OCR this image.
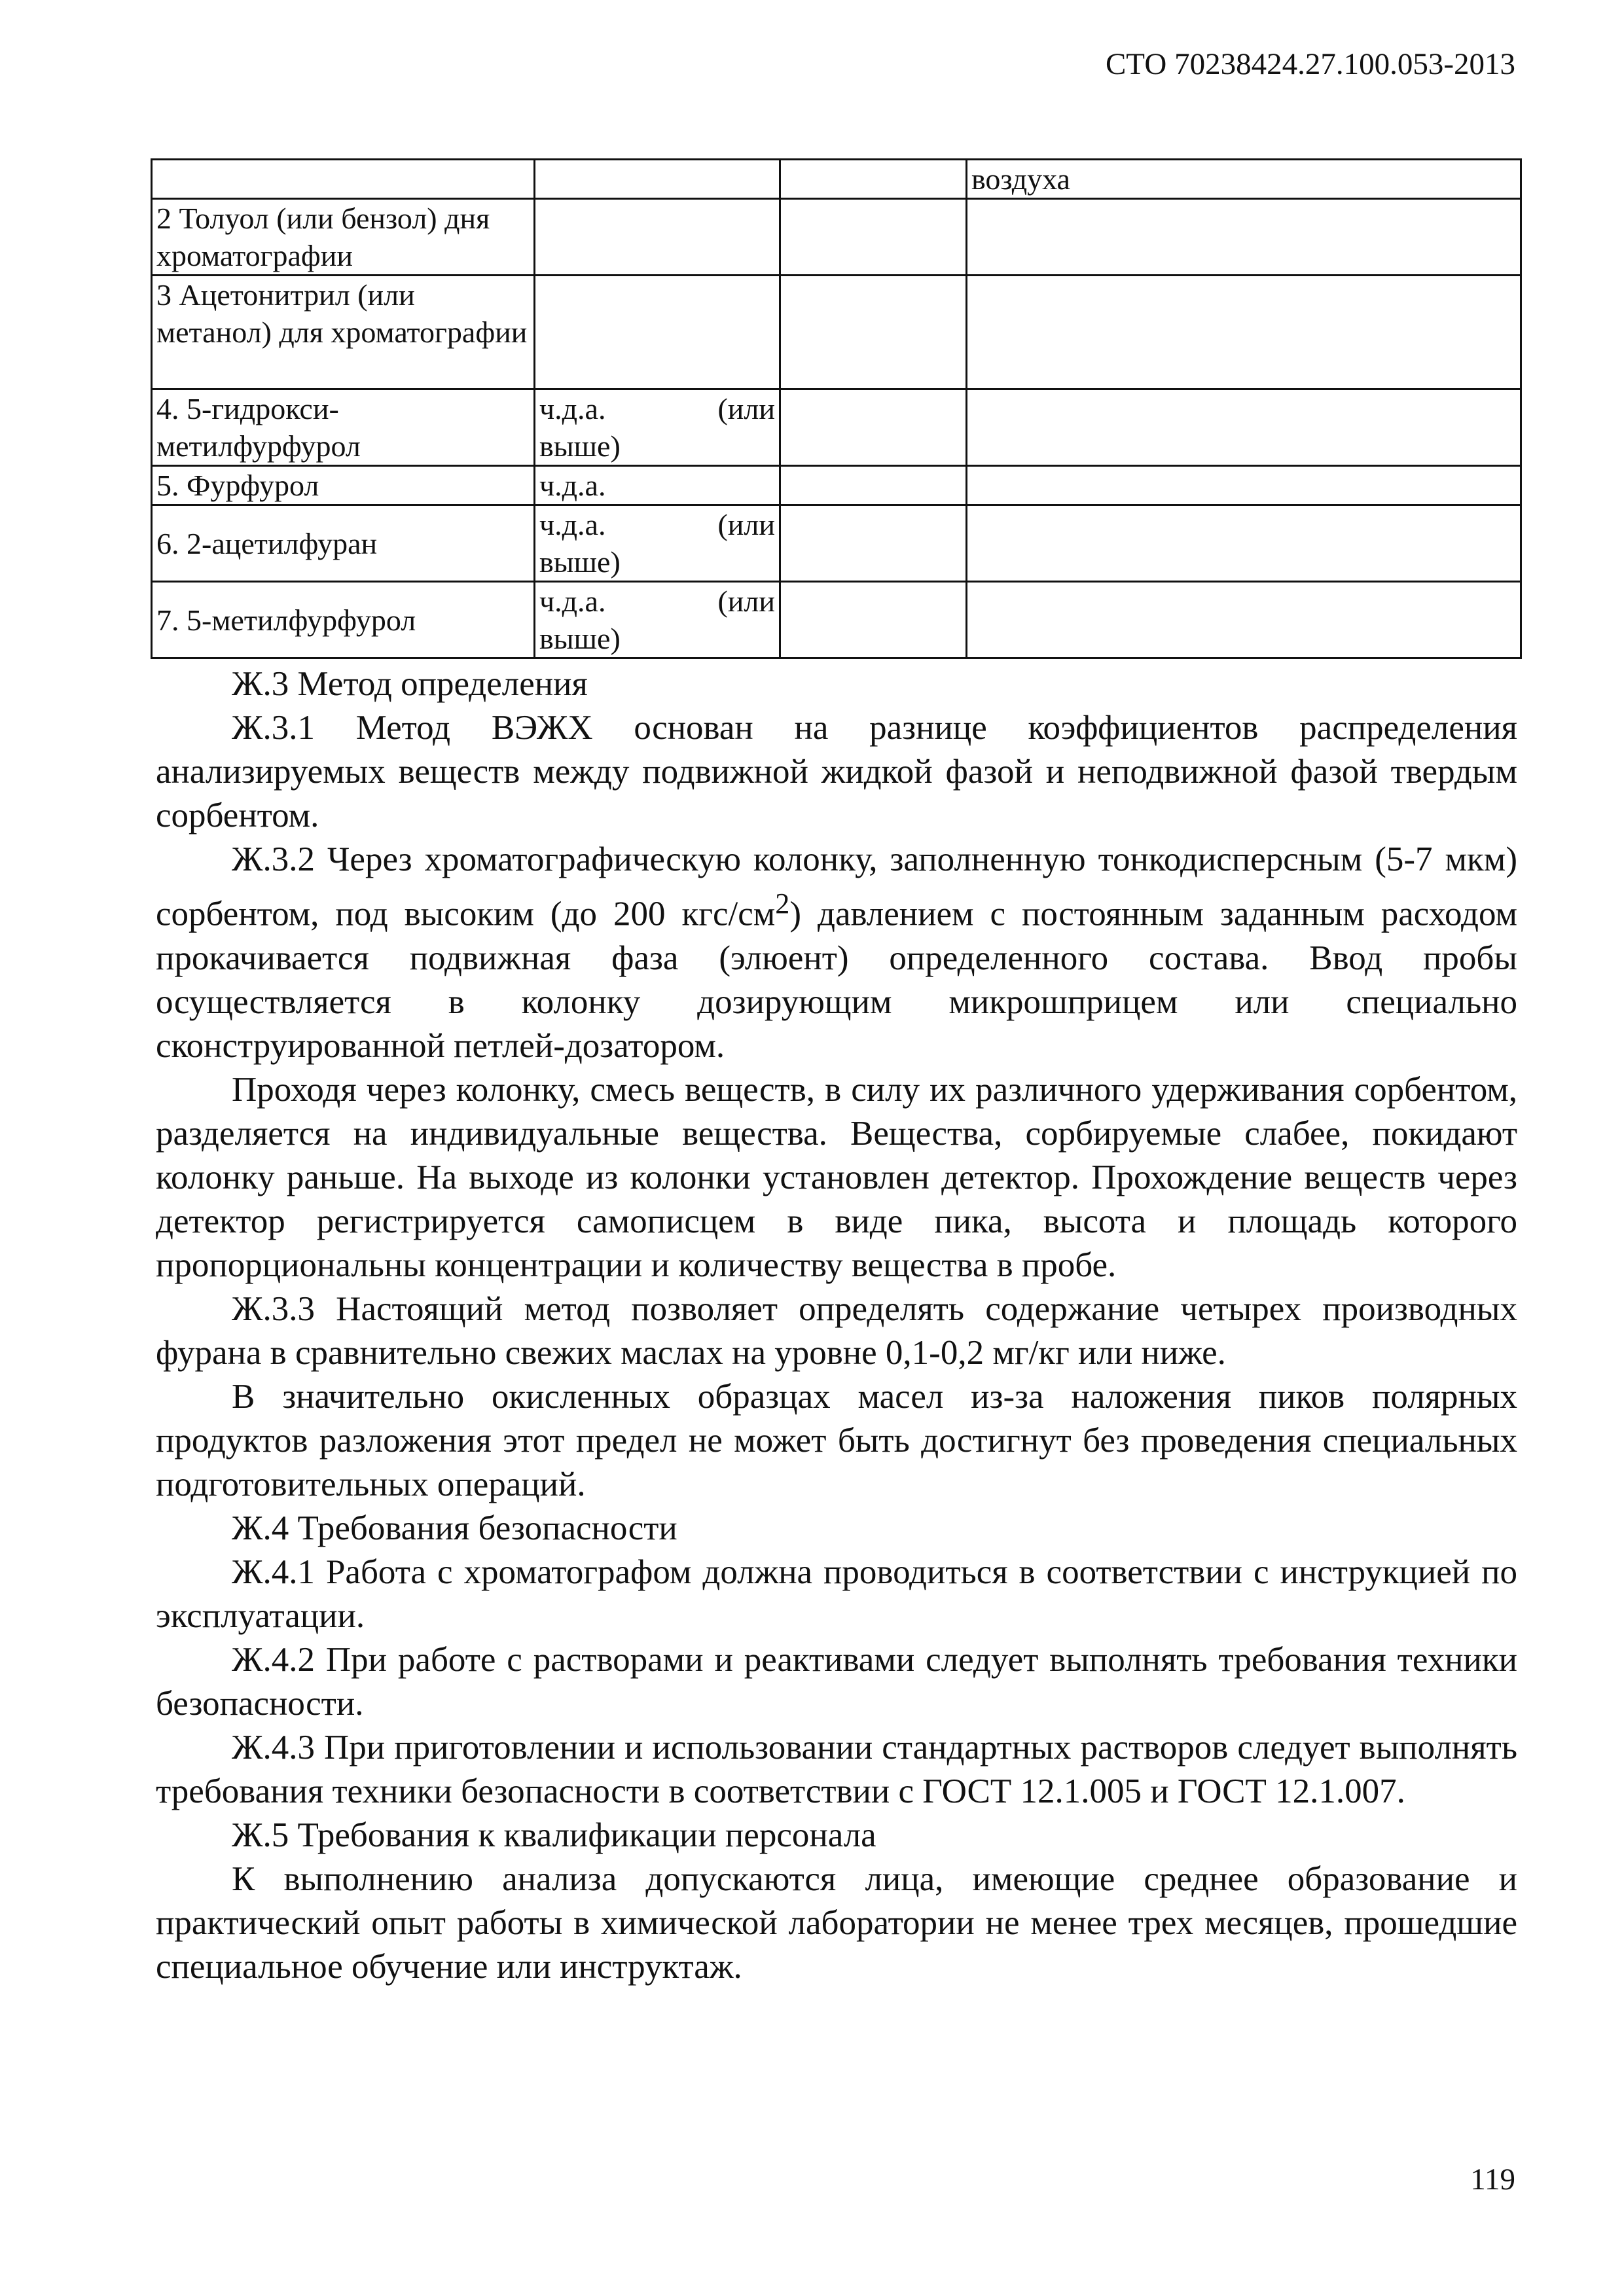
СТО 70238424.27.100.053-2013
			воздуха
2 Толуол (или бензол) дня хроматографии			
3 Ацетонитрил (или метанол) для хроматографии			
4. 5-гидрокси-метилфурфурол	ч.д.а. (или
выше)		

5. Фурфурол	ч.д.а.		
6. 2-ацетилфуран	ч.д.а. (или
выше)		

7. 5-метилфурфурол	ч.д.а. (или
выше)		

Ж.3 Метод определения

Ж.3.1 Метод ВЭЖХ основан на разнице коэффициентов распределения анализируемых веществ между подвижной жидкой фазой и неподвижной фазой твердым сорбентом.

Ж.3.2 Через хроматографическую колонку, заполненную тонкодисперсным (5-7 мкм) сорбентом, под высоким (до 200 кгс/$см^2$) давлением с постоянным заданным расходом прокачивается подвижная фаза (элюент) определенного состава. Ввод пробы осуществляется в колонку дозирующим микрошприцем или специально сконструированной петлей-дозатором.

Проходя через колонку, смесь веществ, в силу их различного удерживания сорбентом, разделяется на индивидуальные вещества. Вещества, сорбируемые слабее, покидают колонку раньше. На выходе из колонки установлен детектор. Прохождение веществ через детектор регистрируется самописцем в виде пика, высота и площадь которого пропорциональны концентрации и количеству вещества в пробе.

Ж.3.3 Настоящий метод позволяет определять содержание четырех производных фурана в сравнительно свежих маслах на уровне 0,1-0,2 мг/кг или ниже.

В значительно окисленных образцах масел из-за наложения пиков полярных продуктов разложения этот предел не может быть достигнут без проведения специальных подготовительных операций.

Ж.4 Требования безопасности

Ж.4.1 Работа с хроматографом должна проводиться в соответствии с инструкцией по эксплуатации.

Ж.4.2 При работе с растворами и реактивами следует выполнять требования техники безопасности.

Ж.4.3 При приготовлении и использовании стандартных растворов следует выполнять требования техники безопасности в соответствии с ГОСТ 12.1.005 и ГОСТ 12.1.007.

Ж.5 Требования к квалификации персонала

К выполнению анализа допускаются лица, имеющие среднее образование и практический опыт работы в химической лаборатории не менее трех месяцев, прошедшие специальное обучение или инструктаж.

119
